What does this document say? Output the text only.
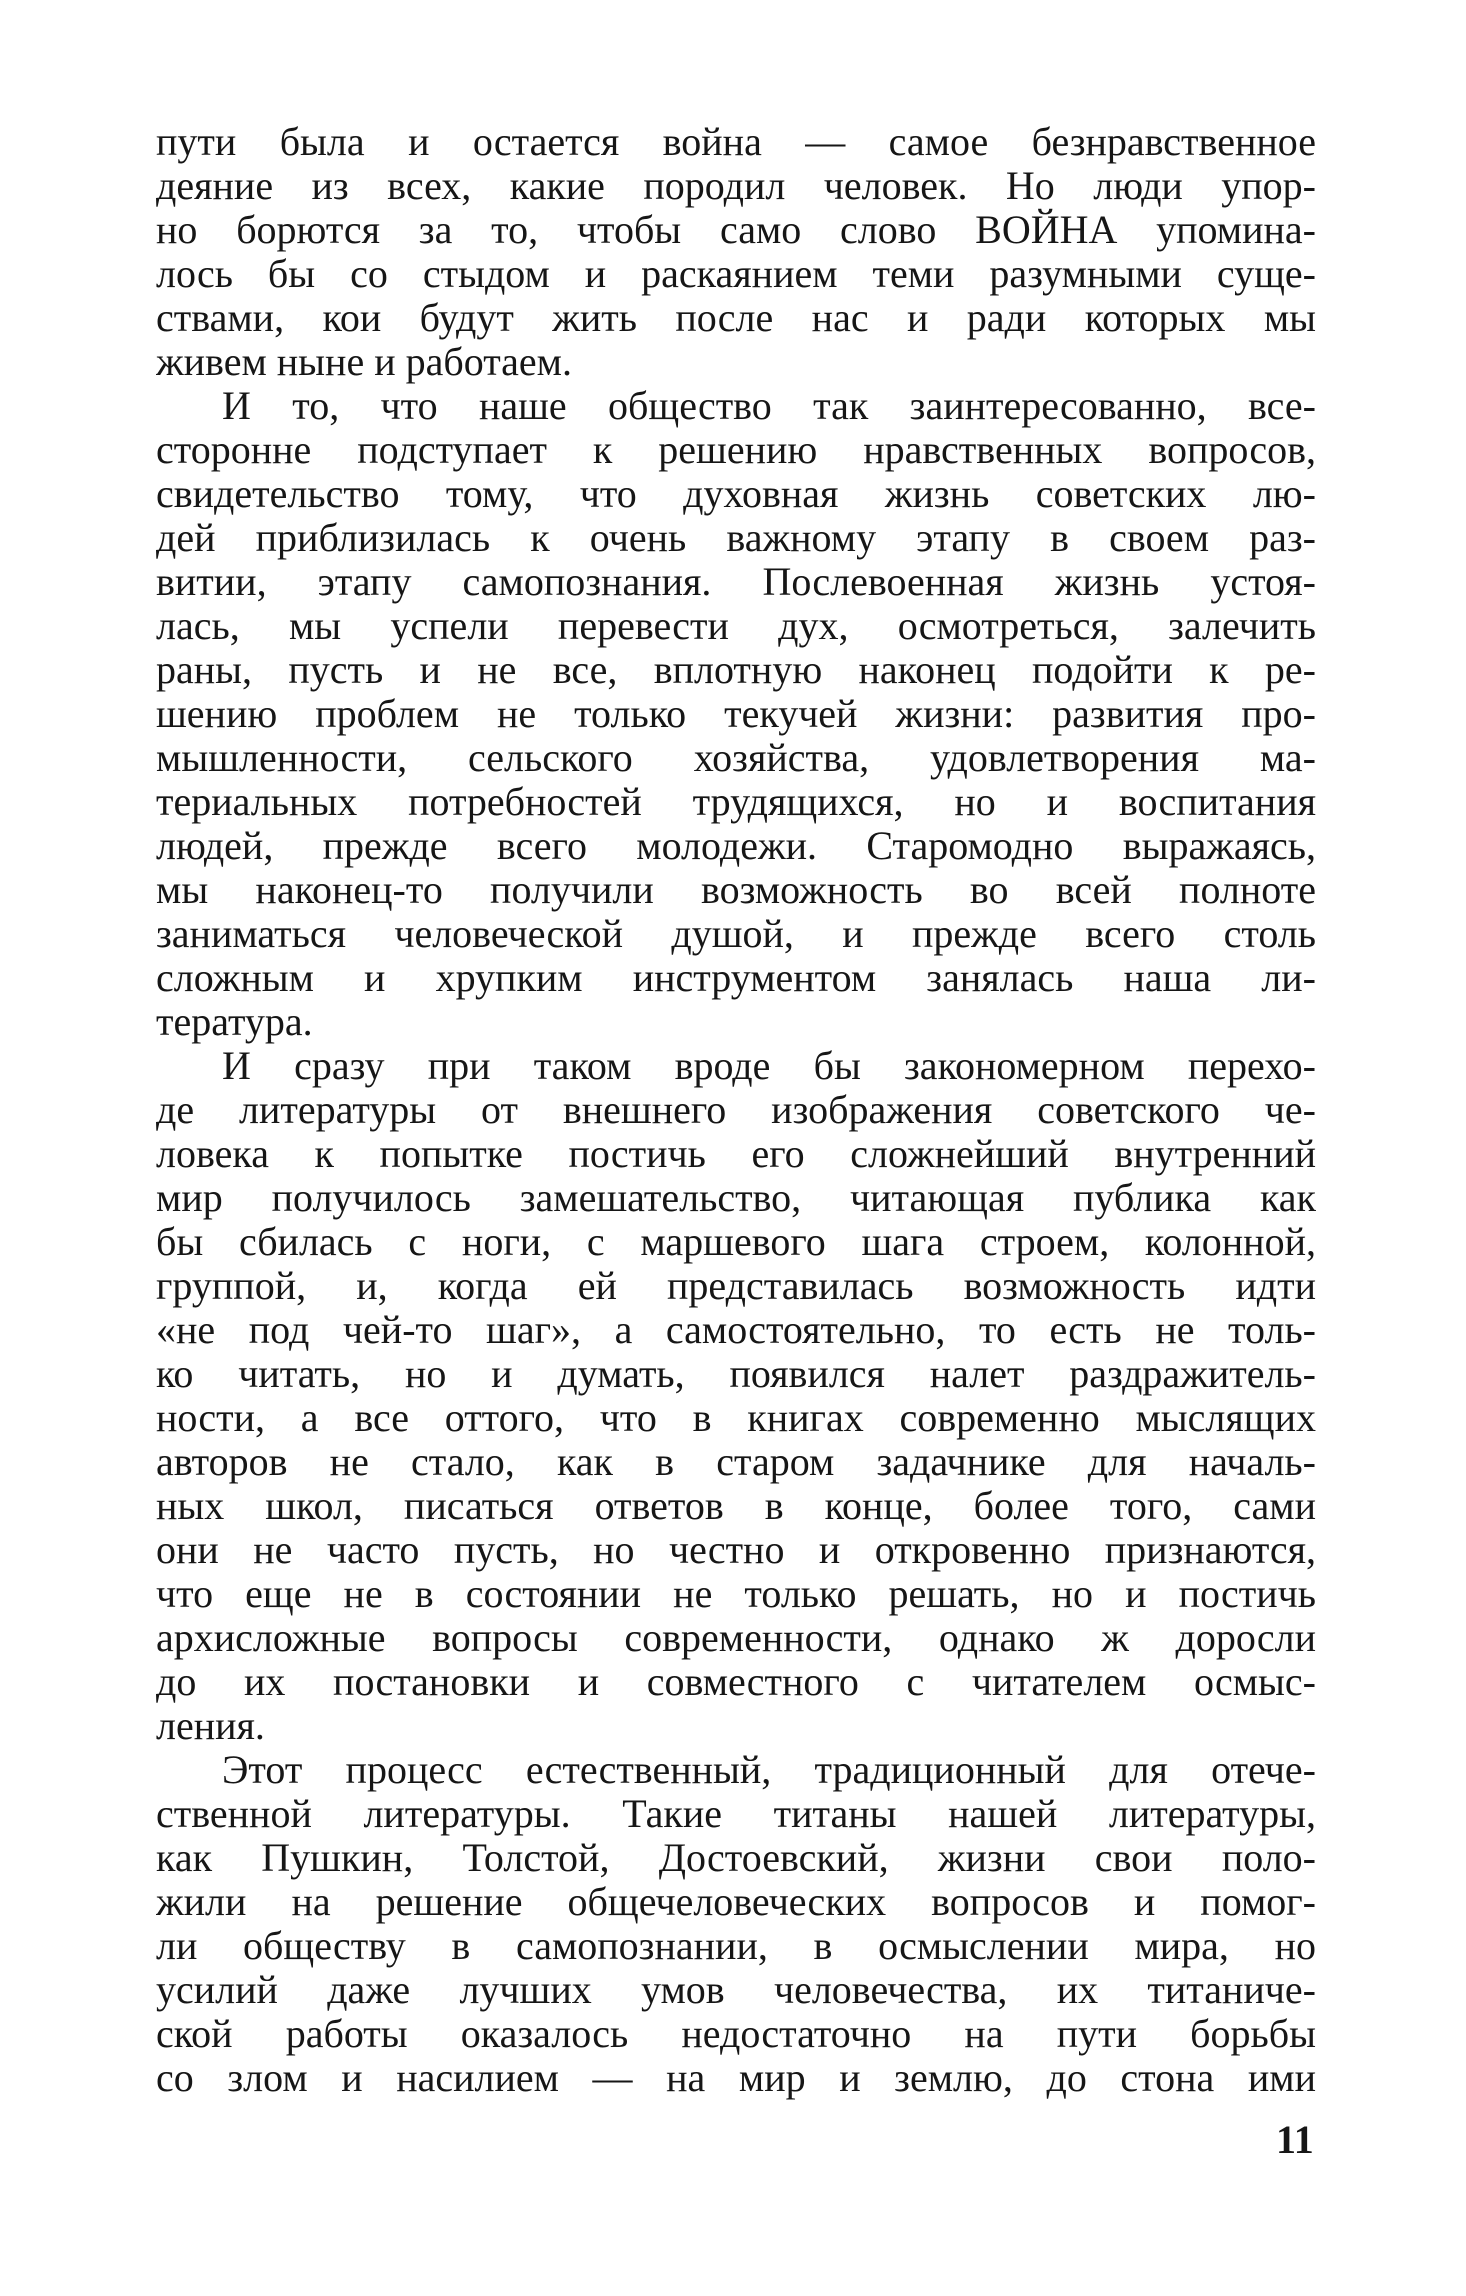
пути была и остается война — самое безнравственное
деяние из всех, какие породил человек. Но люди упор-
но борются за то, чтобы само слово ВОЙНА упомина-
лось бы со стыдом и раскаянием теми разумными суще-
ствами, кои будут жить после нас и ради которых мы
живем ныне и работаем.
И то, что наше общество так заинтересованно, все-
сторонне подступает к решению нравственных вопросов,
свидетельство тому, что духовная жизнь советских лю-
дей приблизилась к очень важному этапу в своем раз-
витии, этапу самопознания. Послевоенная жизнь устоя-
лась, мы успели перевести дух, осмотреться, залечить
раны, пусть и не все, вплотную наконец подойти к ре-
шению проблем не только текучей жизни: развития про-
мышленности, сельского хозяйства, удовлетворения ма-
териальных потребностей трудящихся, но и воспитания
людей, прежде всего молодежи. Старомодно выражаясь,
мы наконец-то получили возможность во всей полноте
заниматься человеческой душой, и прежде всего столь
сложным и хрупким инструментом занялась наша ли-
тература.
И сразу при таком вроде бы закономерном перехо-
де литературы от внешнего изображения советского че-
ловека к попытке постичь его сложнейший внутренний
мир получилось замешательство, читающая публика как
бы сбилась с ноги, с маршевого шага строем, колонной,
группой, и, когда ей представилась возможность идти
«не под чей-то шаг», а самостоятельно, то есть не толь-
ко читать, но и думать, появился налет раздражитель-
ности, а все оттого, что в книгах современно мыслящих
авторов не стало, как в старом задачнике для началь-
ных школ, писаться ответов в конце, более того, сами
они не часто пусть, но честно и откровенно признаются,
что еще не в состоянии не только решать, но и постичь
архисложные вопросы современности, однако ж доросли
до их постановки и совместного с читателем осмыс-
ления.
Этот процесс естественный, традиционный для отече-
ственной литературы. Такие титаны нашей литературы,
как Пушкин, Толстой, Достоевский, жизни свои поло-
жили на решение общечеловеческих вопросов и помог-
ли обществу в самопознании, в осмыслении мира, но
усилий даже лучших умов человечества, их титаниче-
ской работы оказалось недостаточно на пути борьбы
со злом и насилием — на мир и землю, до стона ими
11
